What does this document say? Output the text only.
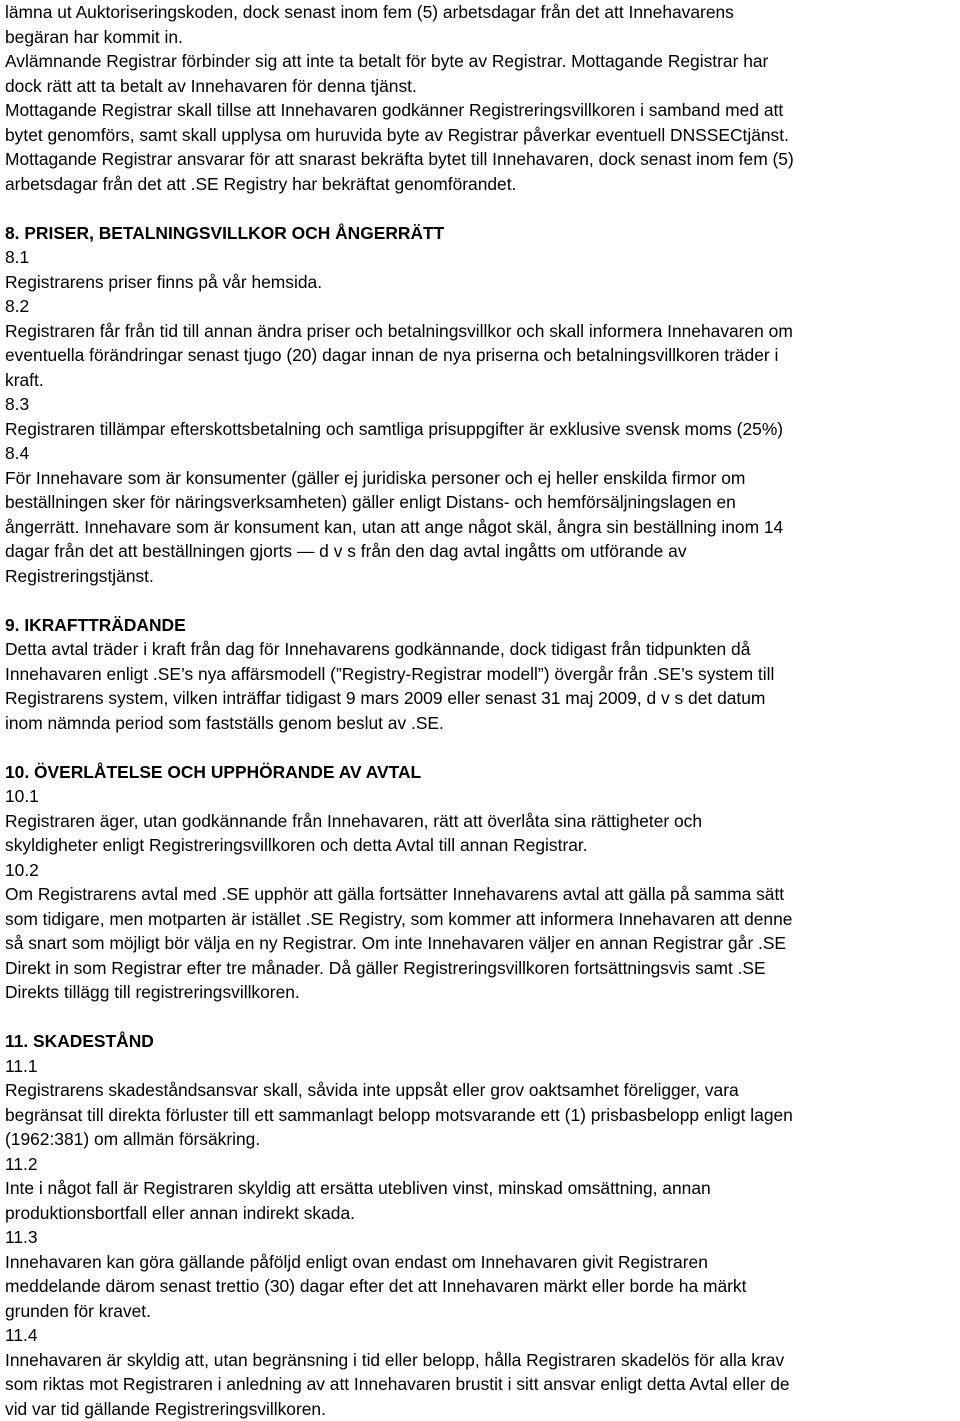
lämna ut Auktoriseringskoden, dock senast inom fem (5) arbetsdagar från det att Innehavarens
begäran har kommit in.
Avlämnande Registrar förbinder sig att inte ta betalt för byte av Registrar. Mottagande Registrar har
dock rätt att ta betalt av Innehavaren för denna tjänst.
Mottagande Registrar skall tillse att Innehavaren godkänner Registreringsvillkoren i samband med att
bytet genomförs, samt skall upplysa om huruvida byte av Registrar påverkar eventuell DNSSECtjänst.
Mottagande Registrar ansvarar för att snarast bekräfta bytet till Innehavaren, dock senast inom fem (5)
arbetsdagar från det att .SE Registry har bekräftat genomförandet.
8. PRISER, BETALNINGSVILLKOR OCH ÅNGERRÄTT
8.1
Registrarens priser finns på vår hemsida.
8.2
Registraren får från tid till annan ändra priser och betalningsvillkor och skall informera Innehavaren om
eventuella förändringar senast tjugo (20) dagar innan de nya priserna och betalningsvillkoren träder i
kraft.
8.3
Registraren tillämpar efterskottsbetalning och samtliga prisuppgifter är exklusive svensk moms (25%)
8.4
För Innehavare som är konsumenter (gäller ej juridiska personer och ej heller enskilda firmor om
beställningen sker för näringsverksamheten) gäller enligt Distans- och hemförsäljningslagen en
ångerrätt. Innehavare som är konsument kan, utan att ange något skäl, ångra sin beställning inom 14
dagar från det att beställningen gjorts — d v s från den dag avtal ingåtts om utförande av
Registreringstjänst.
9. IKRAFTTRÄDANDE
Detta avtal träder i kraft från dag för Innehavarens godkännande, dock tidigast från tidpunkten då
Innehavaren enligt .SE’s nya affärsmodell (”Registry-Registrar modell”) övergår från .SE’s system till
Registrarens system, vilken inträffar tidigast 9 mars 2009 eller senast 31 maj 2009, d v s det datum
inom nämnda period som fastställs genom beslut av .SE.
10. ÖVERLÅTELSE OCH UPPHÖRANDE AV AVTAL
10.1
Registraren äger, utan godkännande från Innehavaren, rätt att överlåta sina rättigheter och
skyldigheter enligt Registreringsvillkoren och detta Avtal till annan Registrar.
10.2
Om Registrarens avtal med .SE upphör att gälla fortsätter Innehavarens avtal att gälla på samma sätt
som tidigare, men motparten är istället .SE Registry, som kommer att informera Innehavaren att denne
så snart som möjligt bör välja en ny Registrar. Om inte Innehavaren väljer en annan Registrar går .SE
Direkt in som Registrar efter tre månader. Då gäller Registreringsvillkoren fortsättningsvis samt .SE
Direkts tillägg till registreringsvillkoren.
11. SKADESTÅND
11.1
Registrarens skadeståndsansvar skall, såvida inte uppsåt eller grov oaktsamhet föreligger, vara
begränsat till direkta förluster till ett sammanlagt belopp motsvarande ett (1) prisbasbelopp enligt lagen
(1962:381) om allmän försäkring.
11.2
Inte i något fall är Registraren skyldig att ersätta utebliven vinst, minskad omsättning, annan
produktionsbortfall eller annan indirekt skada.
11.3
Innehavaren kan göra gällande påföljd enligt ovan endast om Innehavaren givit Registraren
meddelande därom senast trettio (30) dagar efter det att Innehavaren märkt eller borde ha märkt
grunden för kravet.
11.4
Innehavaren är skyldig att, utan begränsning i tid eller belopp, hålla Registraren skadelös för alla krav
som riktas mot Registraren i anledning av att Innehavaren brustit i sitt ansvar enligt detta Avtal eller de
vid var tid gällande Registreringsvillkoren.
